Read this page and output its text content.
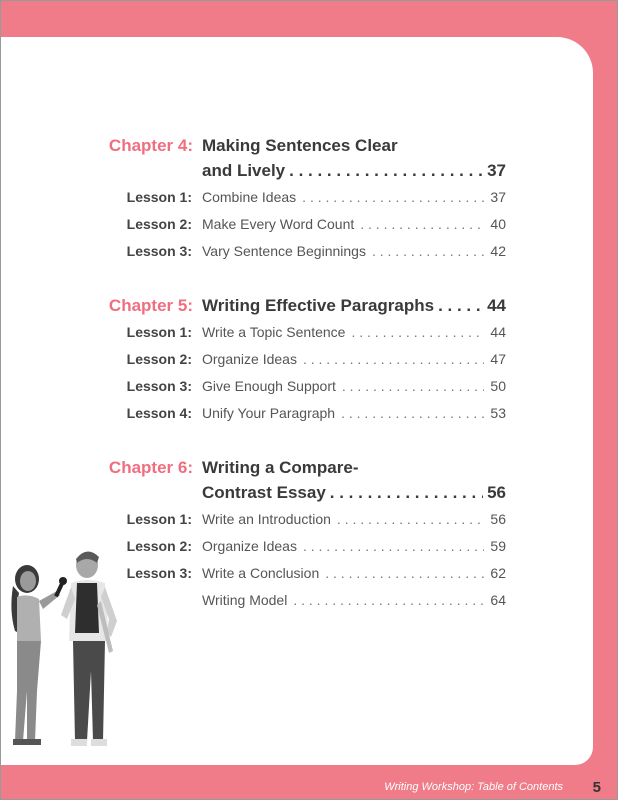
Chapter 4: Making Sentences Clear
and Lively . . .	37
Lesson 1: Combine Ideas . . .	37
Lesson 2: Make Every Word Count . . .	40
Lesson 3: Vary Sentence Beginnings . . .	42
Chapter 5: Writing Effective Paragraphs . . .	44
Lesson 1: Write a Topic Sentence . . .	44
Lesson 2: Organize Ideas . . .	47
Lesson 3: Give Enough Support . . .	50
Lesson 4: Unify Your Paragraph . . .	53
Chapter 6: Writing a Compare-
Contrast Essay . . .	56
Lesson 1: Write an Introduction . . .	56
Lesson 2: Organize Ideas . . .	59
Lesson 3: Write a Conclusion . . .	62
Writing Model . . .	64
Writing Workshop: Table of Contents 5
